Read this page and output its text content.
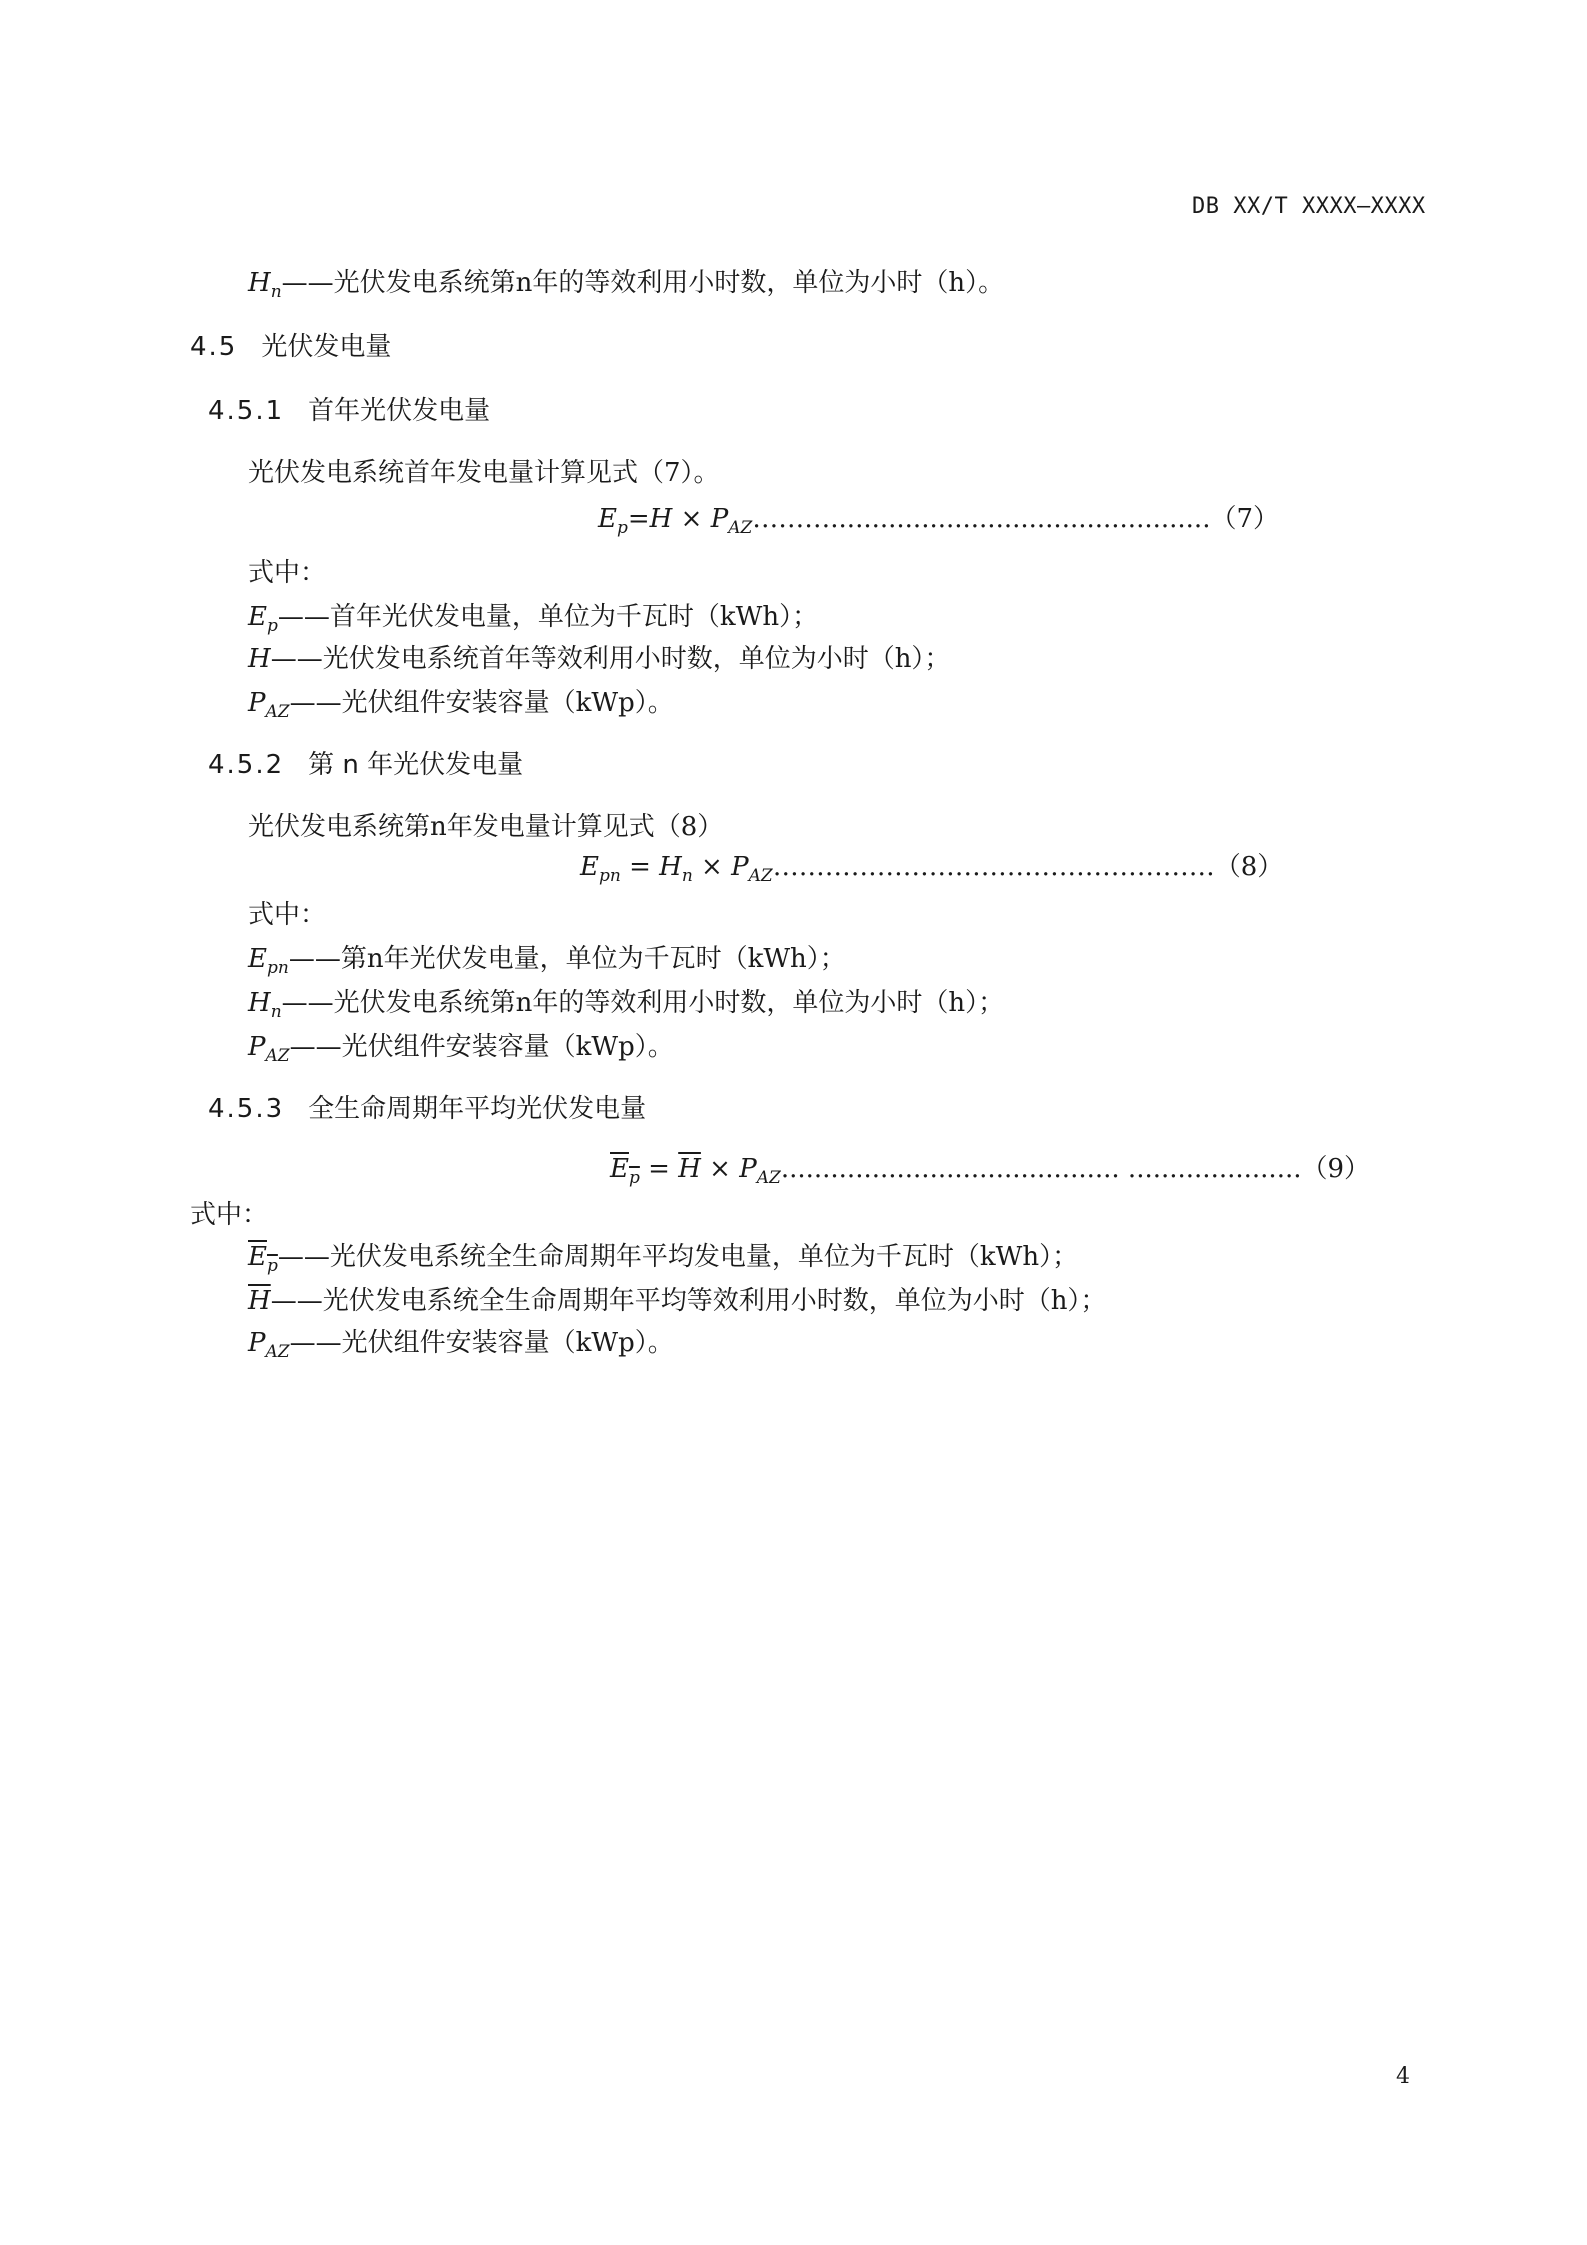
DB XX/T XXXX—XXXX
$H_n——$光伏发电系统第n年的等效利用小时数，单位为小时（h）。
4.5 光伏发电量
4.5.1 首年光伏发电量
光伏发电系统首年发电量计算见式（7）。
$E_p=H$ × $P_{AZ}\dots\dots\dots..............................................(7)$
式中：
$E_p——$首年光伏发电量，单位为千瓦时（kWh）；
H——光伏发电系统首年等效利用小时数，单位为小时（h）；
$P_{AZ}——$光伏组件安装容量（kWp）。
4.5.2 第 n 年光伏发电量
光伏发电系统第n年发电量计算见式（8）
$E_{pn} = H_n$ × $P_{AZ}\dots\dots\dots\dots\dots\dots\dots\dots\dots\dots\dots\dots\dots\dots\dots\dots\dots(8)$
式中：
$E_{pn}——$第n年光伏发电量，单位为千瓦时（kWh）；
$H_n——$光伏发电系统第n年的等效利用小时数，单位为小时（h）；
$P_{AZ}——$光伏组件安装容量（kWp）。
4.5.3 全生命周期年平均光伏发电量
$E_p = \overline{H} \times P_{AZ}$......................................... .....................（9）
式中：
$E_p——$光伏发电系统全生命周期年平均发电量，单位为千瓦时（kWh）；
$\overline{H}——$光伏发电系统全生命周期年平均等效利用小时数，单位为小时（h）；
$P_{AZ}——$光伏组件安装容量（kWp）。
4
